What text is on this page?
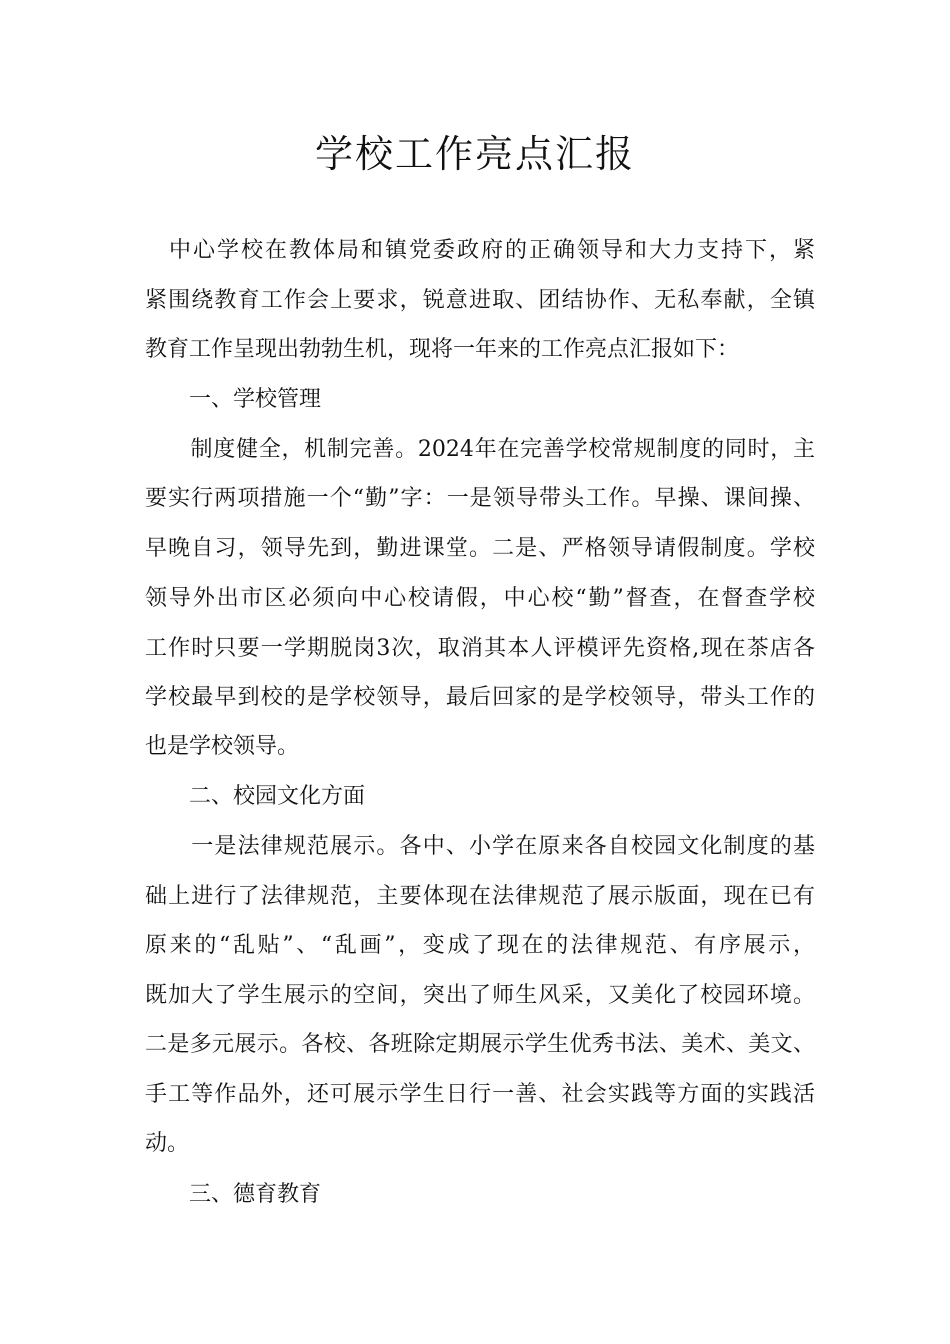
学校工作亮点汇报
　中心学校在教体局和镇党委政府的正确领导和大力支持下，紧
紧围绕教育工作会上要求，锐意进取、团结协作、无私奉献，全镇
教育工作呈现出勃勃生机，现将一年来的工作亮点汇报如下：
　　一、学校管理
　　制度健全，机制完善。2024年在完善学校常规制度的同时，主
要实行两项措施一个“勤”字：一是领导带头工作。早操、课间操、
早晚自习，领导先到，勤进课堂。二是、严格领导请假制度。学校
领导外出市区必须向中心校请假，中心校“勤”督查，在督查学校
工作时只要一学期脱岗3次，取消其本人评模评先资格,现在茶店各
学校最早到校的是学校领导，最后回家的是学校领导，带头工作的
也是学校领导。
　　二、校园文化方面
　　一是法律规范展示。各中、小学在原来各自校园文化制度的基
础上进行了法律规范，主要体现在法律规范了展示版面，现在已有
原来的“乱贴”、“乱画”，变成了现在的法律规范、有序展示，
既加大了学生展示的空间，突出了师生风采，又美化了校园环境。
二是多元展示。各校、各班除定期展示学生优秀书法、美术、美文、
手工等作品外，还可展示学生日行一善、社会实践等方面的实践活
动。
　　三、德育教育
